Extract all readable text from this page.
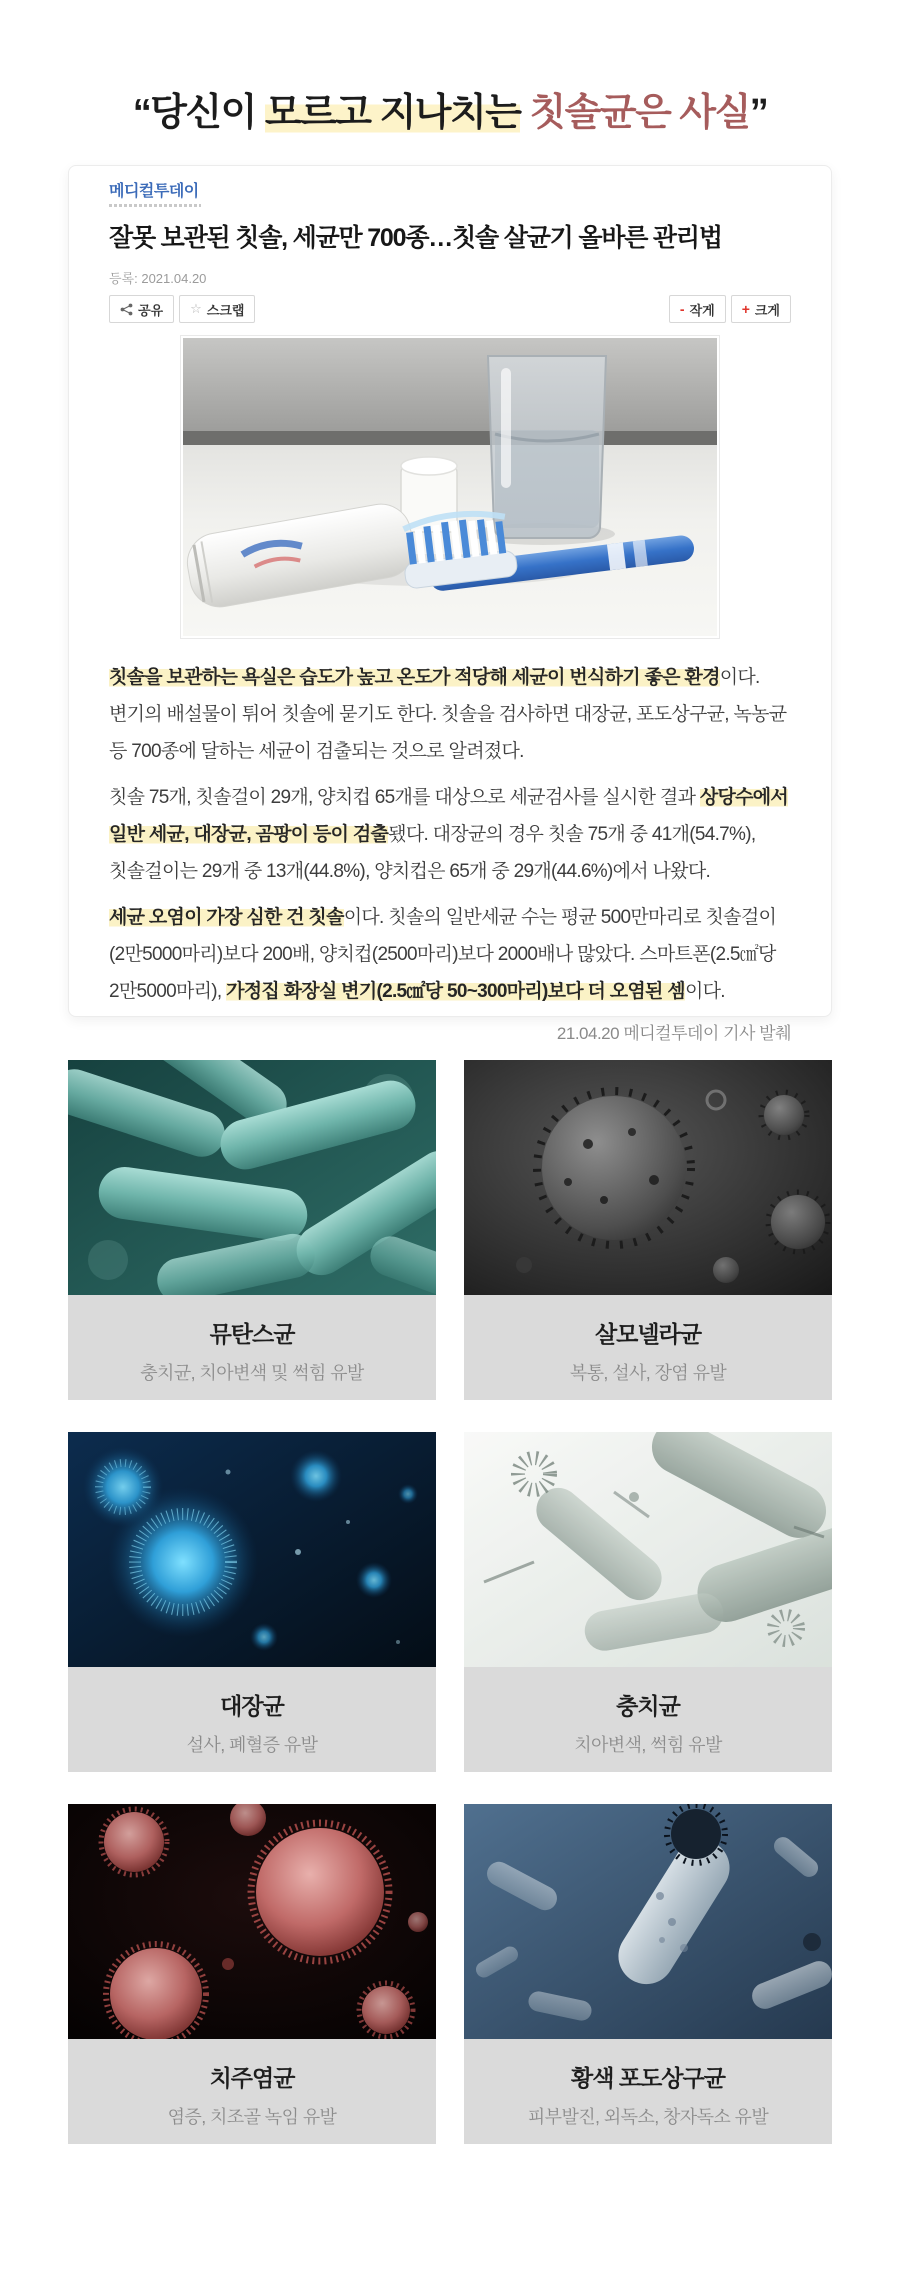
“당신이 모르고 지나치는 칫솔균은 사실”
메디컬투데이
잘못 보관된 칫솔, 세균만 700종…칫솔 살균기 올바른 관리법
등록: 2021.04.20
공유 ☆ 스크랩	- 작게 + 크게

칫솔을 보관하는 욕실은 습도가 높고 온도가 적당해 세균이 번식하기 좋은 환경이다. 변기의 배설물이 튀어 칫솔에 묻기도 한다. 칫솔을 검사하면 대장균, 포도상구균, 녹농균 등 700종에 달하는 세균이 검출되는 것으로 알려졌다.

칫솔 75개, 칫솔걸이 29개, 양치컵 65개를 대상으로 세균검사를 실시한 결과 상당수에서 일반 세균, 대장균, 곰팡이 등이 검출됐다. 대장균의 경우 칫솔 75개 중 41개(54.7%), 칫솔걸이는 29개 중 13개(44.8%), 양치컵은 65개 중 29개(44.6%)에서 나왔다.

세균 오염이 가장 심한 건 칫솔이다. 칫솔의 일반세균 수는 평균 500만마리로 칫솔걸이(2만5000마리)보다 200배, 양치컵(2500마리)보다 2000배나 많았다. 스마트폰(2.5㎠당 2만5000마리), 가정집 화장실 변기(2.5㎠당 50~300마리)보다 더 오염된 셈이다.

21.04.20 메디컬투데이 기사 발췌
뮤탄스균
충치균, 치아변색 및 썩힘 유발
살모넬라균
복통, 설사, 장염 유발
대장균
설사, 폐혈증 유발
충치균
치아변색, 썩힘 유발
치주염균
염증, 치조골 녹임 유발
황색 포도상구균
피부발진, 외독소, 창자독소 유발
